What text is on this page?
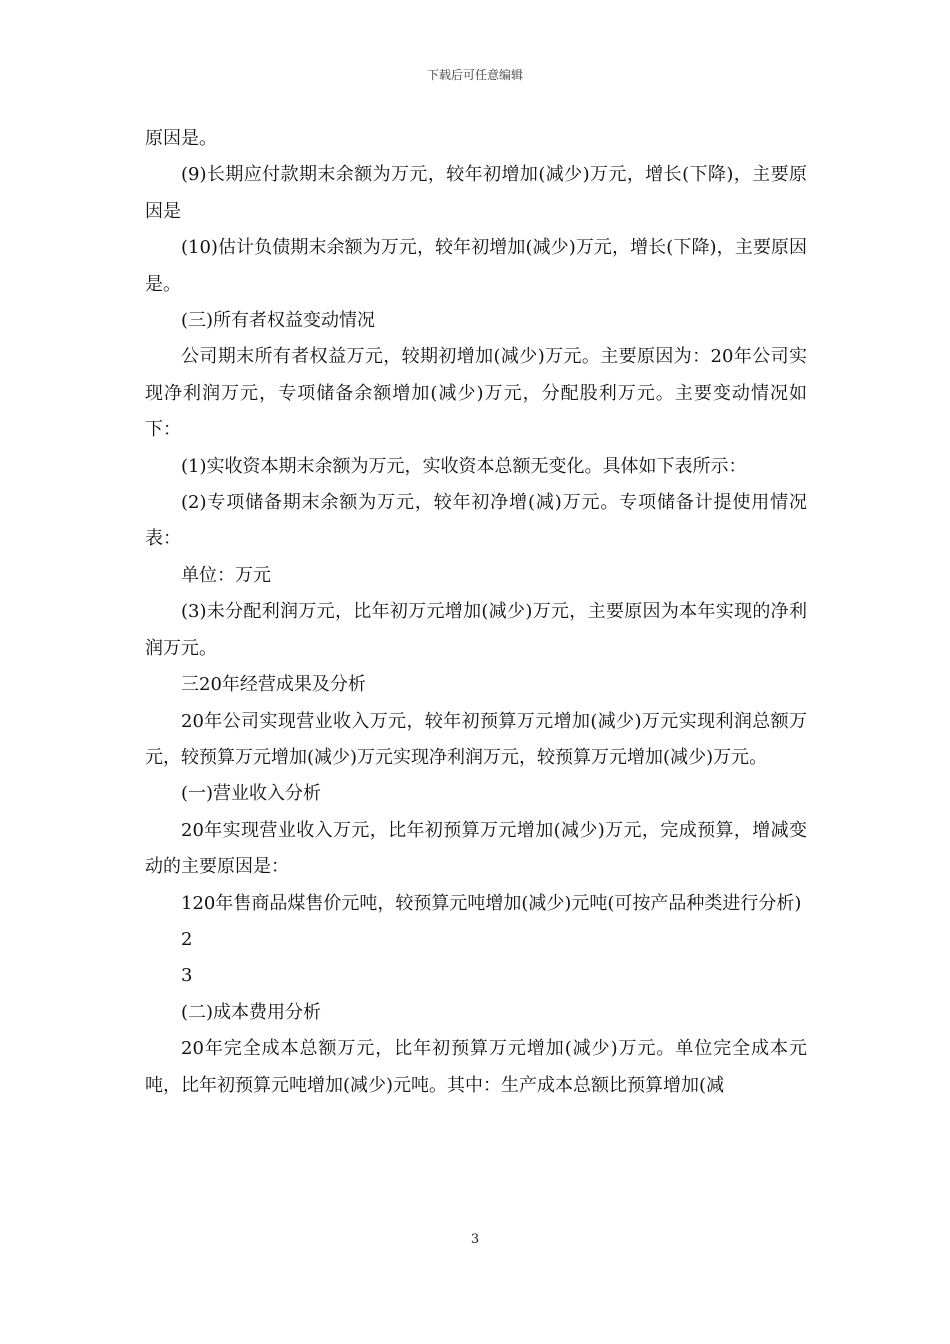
下载后可任意编辑

原因是。

(9)长期应付款期末余额为万元，较年初增加(减少)万元，增长(下降)，主要原因是

(10)估计负债期末余额为万元，较年初增加(减少)万元，增长(下降)，主要原因是。

(三)所有者权益变动情况

公司期末所有者权益万元，较期初增加(减少)万元。主要原因为：20年公司实现净利润万元，专项储备余额增加(减少)万元，分配股利万元。主要变动情况如下：

(1)实收资本期末余额为万元，实收资本总额无变化。具体如下表所示：

(2)专项储备期末余额为万元，较年初净增(减)万元。专项储备计提使用情况表：

单位：万元

(3)未分配利润万元，比年初万元增加(减少)万元，主要原因为本年实现的净利润万元。

三20年经营成果及分析

20年公司实现营业收入万元，较年初预算万元增加(减少)万元实现利润总额万元，较预算万元增加(减少)万元实现净利润万元，较预算万元增加(减少)万元。

(一)营业收入分析

20年实现营业收入万元，比年初预算万元增加(减少)万元，完成预算，增减变动的主要原因是：

120年售商品煤售价元吨，较预算元吨增加(减少)元吨(可按产品种类进行分析)

2

3

(二)成本费用分析

20年完全成本总额万元，比年初预算万元增加(减少)万元。单位完全成本元吨，比年初预算元吨增加(减少)元吨。其中：生产成本总额比预算增加(减

3
